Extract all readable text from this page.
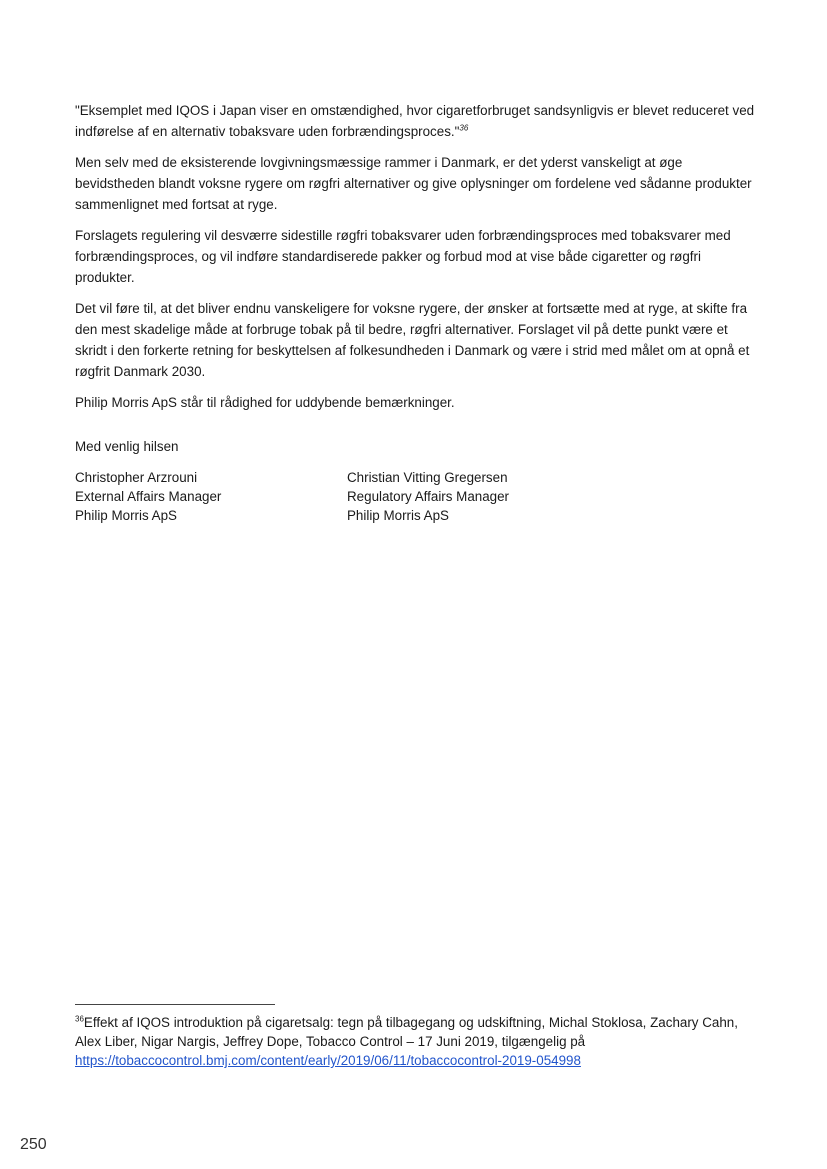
"Eksemplet med IQOS i Japan viser en omstændighed, hvor cigaretforbruget sandsynligvis er blevet reduceret ved indførelse af en alternativ tobaksvare uden forbrændingsproces."$^{36}$

Men selv med de eksisterende lovgivningsmæssige rammer i Danmark, er det yderst vanskeligt at øge bevidstheden blandt voksne rygere om røgfri alternativer og give oplysninger om fordelene ved sådanne produkter sammenlignet med fortsat at ryge.

Forslagets regulering vil desværre sidestille røgfri tobaksvarer uden forbrændingsproces med tobaksvarer med forbrændingsproces, og vil indføre standardiserede pakker og forbud mod at vise både cigaretter og røgfri produkter.

Det vil føre til, at det bliver endnu vanskeligere for voksne rygere, der ønsker at fortsætte med at ryge, at skifte fra den mest skadelige måde at forbruge tobak på til bedre, røgfri alternativer. Forslaget vil på dette punkt være et skridt i den forkerte retning for beskyttelsen af folkesundheden i Danmark og være i strid med målet om at opnå et røgfrit Danmark 2030.

Philip Morris ApS står til rådighed for uddybende bemærkninger.

Med venlig hilsen
Christopher Arzrouni
External Affairs Manager
Philip Morris ApS
Christian Vitting Gregersen
Regulatory Affairs Manager
Philip Morris ApS
$^{36}$Effekt af IQOS introduktion på cigaretsalg: tegn på tilbagegang og udskiftning, Michal Stoklosa, Zachary Cahn, Alex Liber, Nigar Nargis, Jeffrey Dope, Tobacco Control – 17 Juni 2019, tilgængelig på
https://tobaccocontrol.bmj.com/content/early/2019/06/11/tobaccocontrol-2019-054998
250
